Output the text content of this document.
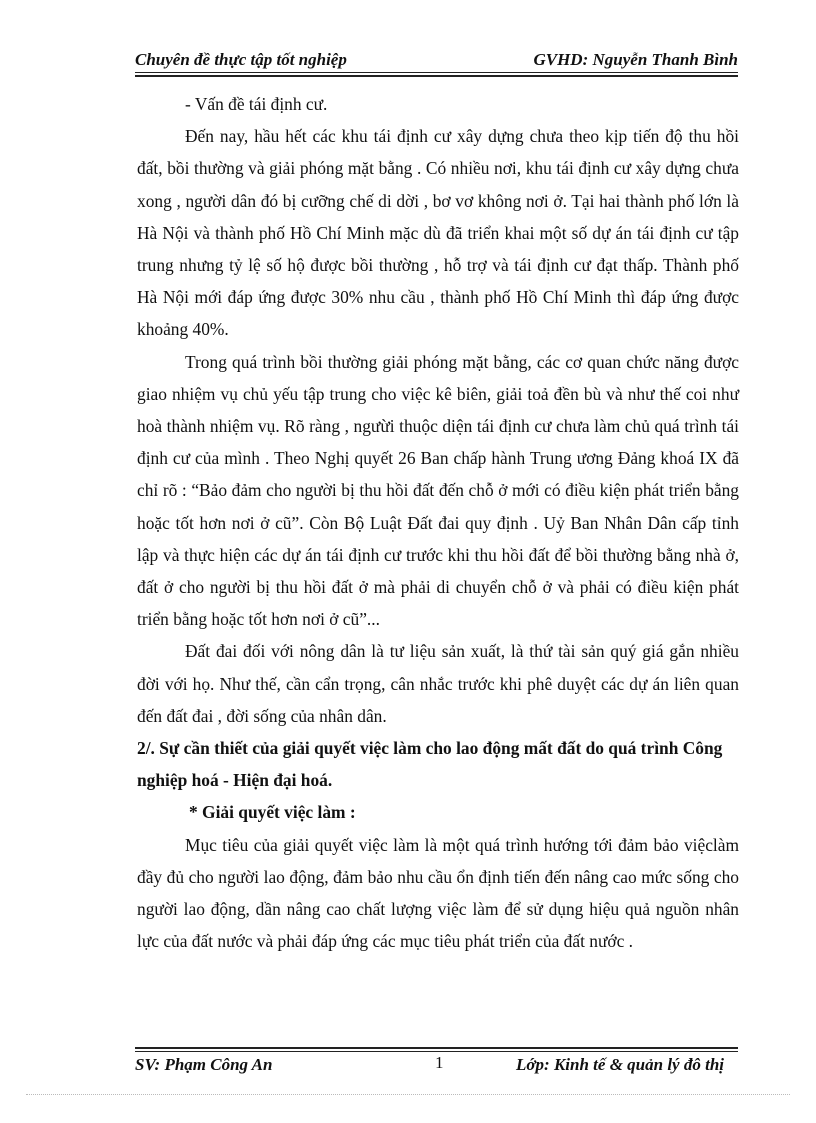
Chuyên đề thực tập tốt nghiệp	GVHD: Nguyễn Thanh Bình

- Vấn đề tái định cư.

Đến nay, hầu hết các khu tái định cư xây dựng chưa theo kịp tiến độ thu hồi đất, bồi thường và giải phóng mặt bằng . Có nhiều nơi, khu tái định cư xây dựng chưa xong , người dân đó bị cưỡng chế di dời , bơ vơ không nơi ở. Tại hai thành phố lớn là Hà Nội và thành phố Hồ Chí Minh mặc dù đã triển khai một số dự án tái định cư tập trung nhưng tỷ lệ số hộ được bồi thường , hỗ trợ và tái định cư đạt thấp. Thành phố Hà Nội mới đáp ứng được 30% nhu cầu , thành phố Hồ Chí Minh thì đáp ứng được khoảng 40%.

Trong quá trình bồi thường giải phóng mặt bằng, các cơ quan chức năng được giao nhiệm vụ chủ yếu tập trung cho việc kê biên, giải toả đền bù và như thế coi như hoà thành nhiệm vụ. Rõ ràng , ngưừi thuộc diện tái định cư chưa làm chủ quá trình tái định cư của mình . Theo Nghị quyết 26 Ban chấp hành Trung ương Đảng khoá IX đã chỉ rõ : “Bảo đảm cho người bị thu hồi đất đến chỗ ở mới có điều kiện phát triển bằng hoặc tốt hơn nơi ở cũ”. Còn Bộ Luật Đất đai quy định . Uỷ Ban Nhân Dân cấp tỉnh lập và thực hiện các dự án tái định cư trước khi thu hồi đất để bồi thường bằng nhà ở, đất ở cho người bị thu hồi đất ở mà phải di chuyển chỗ ở và phải có điều kiện phát triển bằng hoặc tốt hơn nơi ở cũ”...

Đất đai đối với nông dân là tư liệu sản xuất, là thứ tài sản quý giá gắn nhiều đời với họ. Như thế, cần cẩn trọng, cân nhắc trước khi phê duyệt các dự án liên quan đến đất đai , đời sống của nhân dân.

2/. Sự cần thiết của giải quyết việc làm cho lao động mất đất do quá trình Công nghiệp hoá - Hiện đại hoá.

* Giải quyết việc làm :

Mục tiêu của giải quyết việc làm là một quá trình hướng tới đảm bảo việclàm đầy đủ cho người lao động, đảm bảo nhu cầu ổn định tiến đến nâng cao mức sống cho người lao động, dần nâng cao chất lượng việc làm để sử dụng hiệu quả nguồn nhân lực của đất nước và phải đáp ứng các mục tiêu phát triển của đất nước .

SV: Phạm Công An	1	Lớp: Kinh tế & quản lý đô thị
